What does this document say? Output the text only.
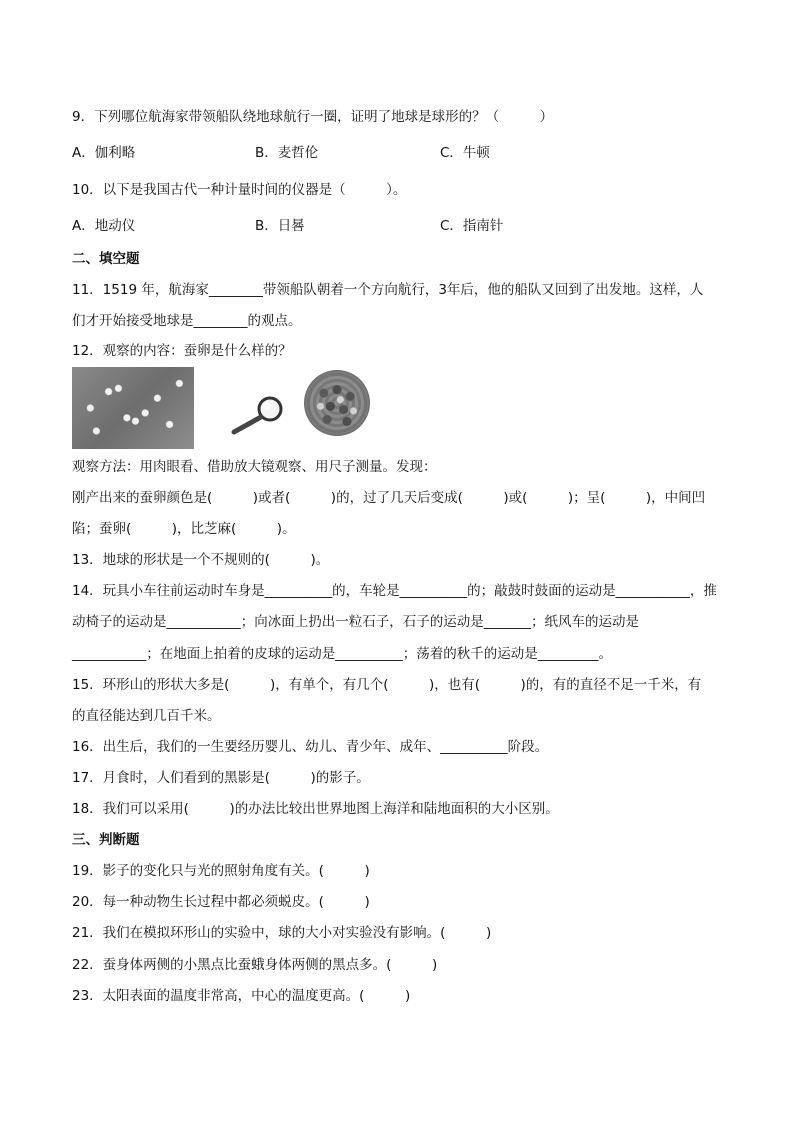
9．下列哪位航海家带领船队绕地球航行一圈，证明了地球是球形的？（　　　）
A．伽利略	B．麦哲伦	C．牛顿
10．以下是我国古代一种计量时间的仪器是（　　　）。
A．地动仪	B．日晷	C．指南针
二、填空题
11．1519 年，航海家________带领船队朝着一个方向航行，3年后，他的船队又回到了出发地。这样，人
们才开始接受地球是________的观点。
12．观察的内容：蚕卵是什么样的？
观察方法：用肉眼看、借助放大镜观察、用尺子测量。发现：
刚产出来的蚕卵颜色是(　　　)或者(　　　)的，过了几天后变成(　　　)或(　　　)；呈(　　　)，中间凹
陷；蚕卵(　　　)，比芝麻(　　　)。
13．地球的形状是一个不规则的(　　　)。
14．玩具小车往前运动时车身是__________的，车轮是__________的；敲鼓时鼓面的运动是___________，推
动椅子的运动是___________；向冰面上扔出一粒石子，石子的运动是_______；纸风车的运动是
___________；在地面上拍着的皮球的运动是__________；荡着的秋千的运动是_________。
15．环形山的形状大多是(　　　)，有单个，有几个(　　　)，也有(　　　)的，有的直径不足一千米，有
的直径能达到几百千米。
16．出生后，我们的一生要经历婴儿、幼儿、青少年、成年、__________阶段。
17．月食时，人们看到的黑影是(　　　)的影子。
18．我们可以采用(　　　)的办法比较出世界地图上海洋和陆地面积的大小区别。
三、判断题
19．影子的变化只与光的照射角度有关。(　　　)
20．每一种动物生长过程中都必须蜕皮。(　　　)
21．我们在模拟环形山的实验中，球的大小对实验没有影响。(　　　)
22．蚕身体两侧的小黑点比蚕蛾身体两侧的黑点多。(　　　)
23．太阳表面的温度非常高，中心的温度更高。(　　　)
